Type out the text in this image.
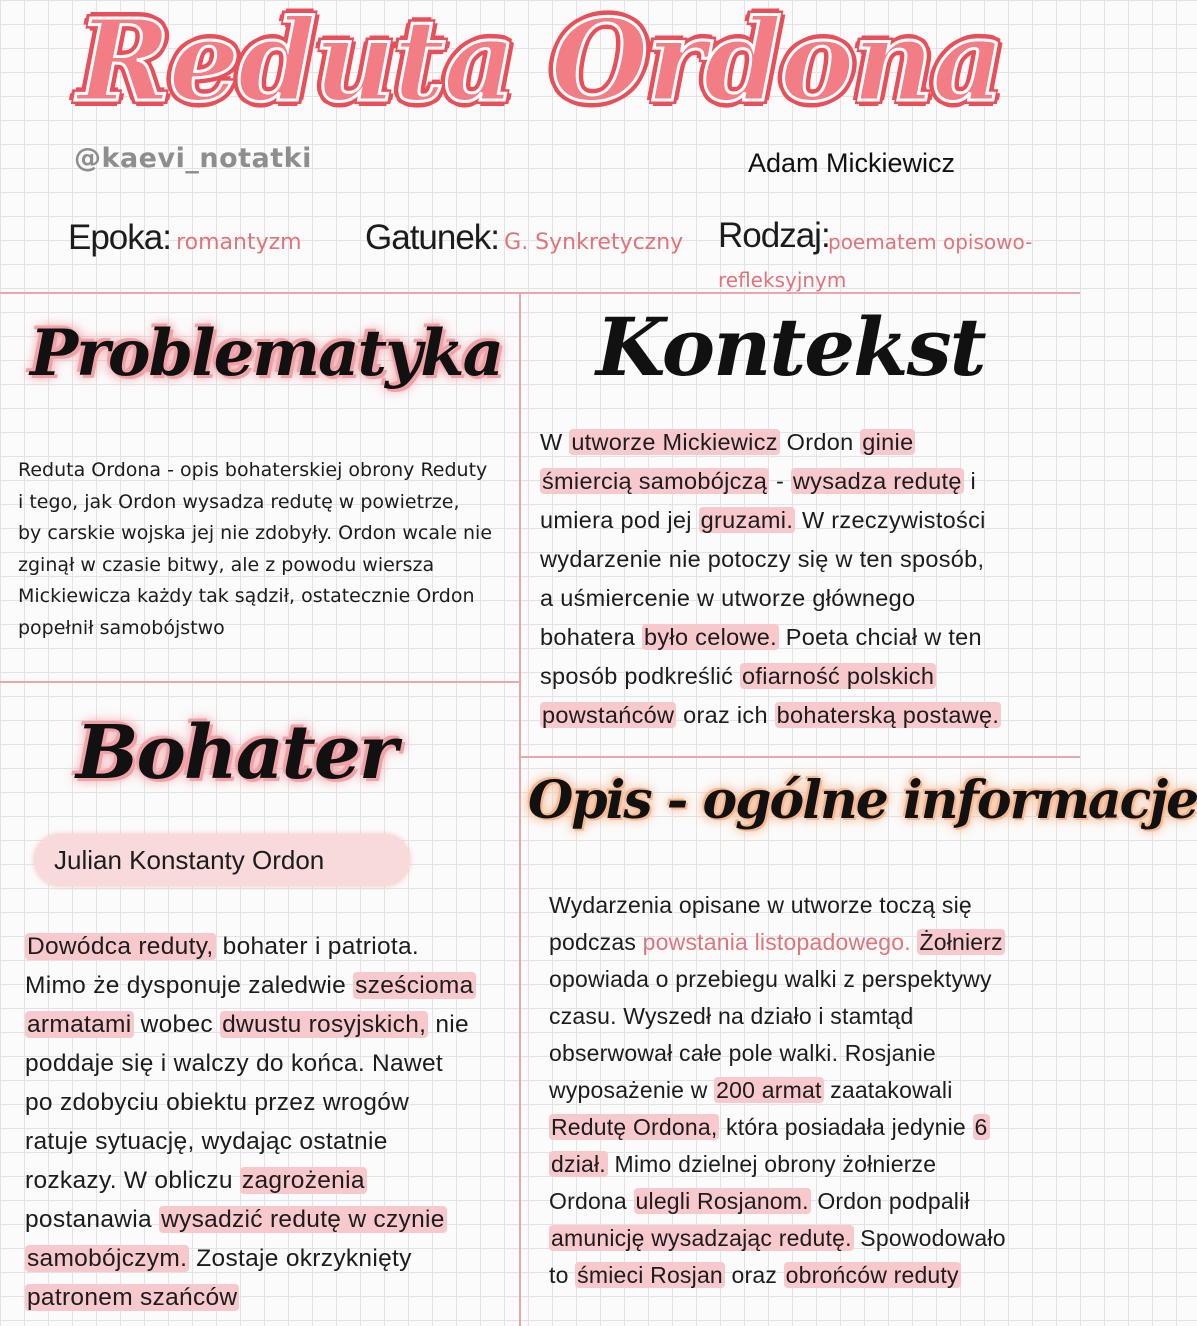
Reduta Ordona
@kaevi_notatki	Adam Mickiewicz
Epoka: romantyzm Gatunek: G. Synkretyczny Rodzaj:
poematem opisowo-
refleksyjnym
Problematyka
Reduta Ordona - opis bohaterskiej obrony Reduty
i tego, jak Ordon wysadza redutę w powietrze,
by carskie wojska jej nie zdobyły. Ordon wcale nie
zginął w czasie bitwy, ale z powodu wiersza
Mickiewicza każdy tak sądził, ostatecznie Ordon
popełnił samobójstwo
Kontekst
W utworze Mickiewicz Ordon ginie
śmiercią samobójczą - wysadza redutę i
umiera pod jej gruzami. W rzeczywistości
wydarzenie nie potoczy się w ten sposób,
a uśmiercenie w utworze głównego
bohatera było celowe. Poeta chciał w ten
sposób podkreślić ofiarność polskich
powstańców oraz ich bohaterską postawę.
Bohater
Julian Konstanty Ordon
Dowódca reduty, bohater i patriota.
Mimo że dysponuje zaledwie sześcioma
armatami wobec dwustu rosyjskich, nie
poddaje się i walczy do końca. Nawet
po zdobyciu obiektu przez wrogów
ratuje sytuację, wydając ostatnie
rozkazy. W obliczu zagrożenia
postanawia wysadzić redutę w czynie
samobójczym. Zostaje okrzyknięty
patronem szańców
Opis - ogólne informacje
Wydarzenia opisane w utworze toczą się
podczas powstania listopadowego. Żołnierz
opowiada o przebiegu walki z perspektywy
czasu. Wyszedł na działo i stamtąd
obserwował całe pole walki. Rosjanie
wyposażenie w 200 armat zaatakowali
Redutę Ordona, która posiadała jedynie 6
dział. Mimo dzielnej obrony żołnierze
Ordona ulegli Rosjanom. Ordon podpalił
amunicję wysadzając redutę. Spowodowało
to śmieci Rosjan oraz obrońców reduty
